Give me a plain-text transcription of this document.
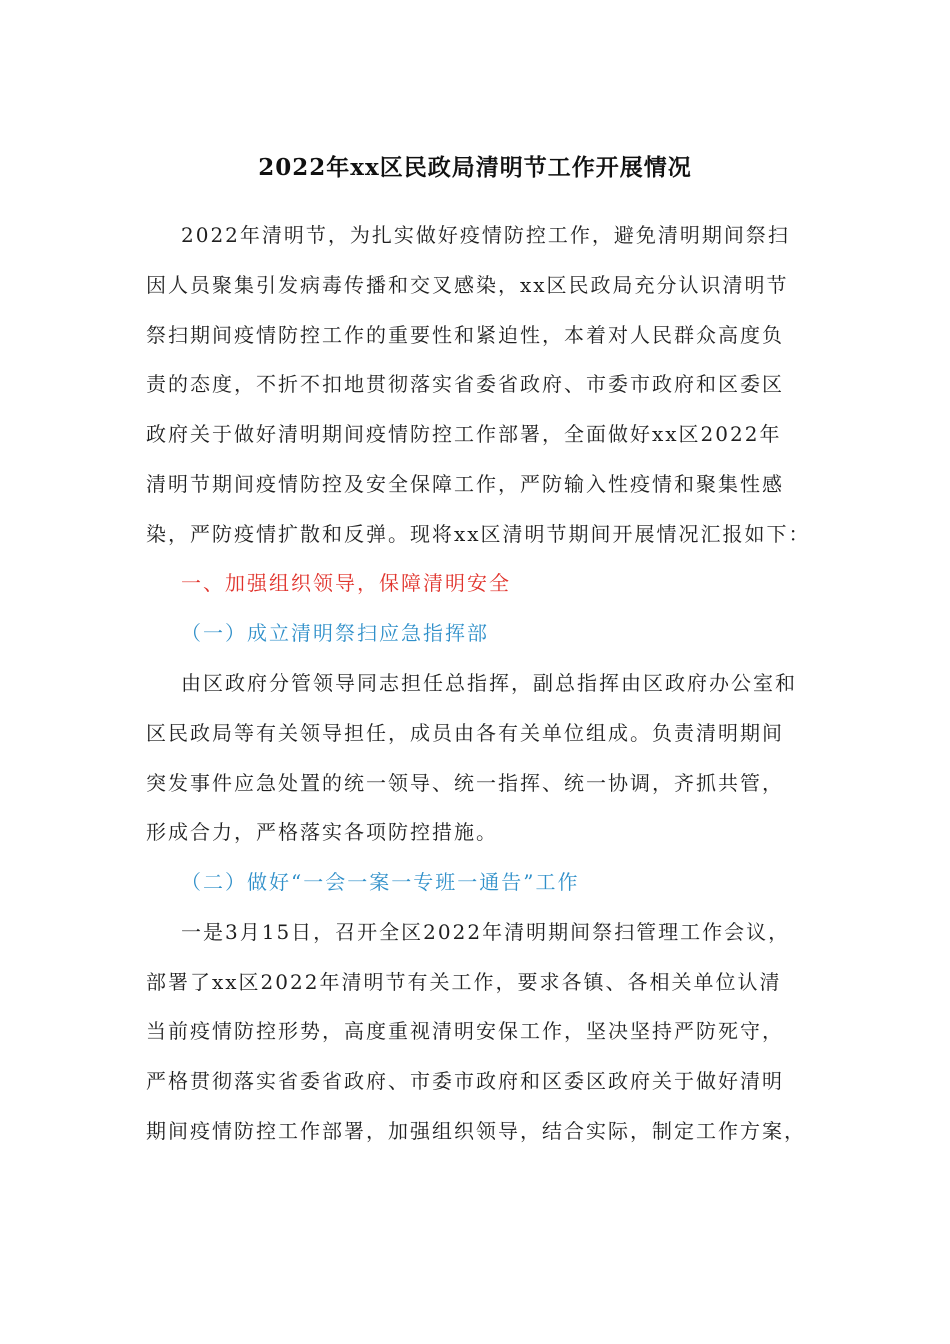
2022年xx区民政局清明节工作开展情况
2022年清明节，为扎实做好疫情防控工作，避免清明期间祭扫
因人员聚集引发病毒传播和交叉感染，xx区民政局充分认识清明节
祭扫期间疫情防控工作的重要性和紧迫性，本着对人民群众高度负
责的态度，不折不扣地贯彻落实省委省政府、市委市政府和区委区
政府关于做好清明期间疫情防控工作部署，全面做好xx区2022年
清明节期间疫情防控及安全保障工作，严防输入性疫情和聚集性感
染，严防疫情扩散和反弹。现将xx区清明节期间开展情况汇报如下：
一、加强组织领导，保障清明安全
（一）成立清明祭扫应急指挥部
由区政府分管领导同志担任总指挥，副总指挥由区政府办公室和
区民政局等有关领导担任，成员由各有关单位组成。负责清明期间
突发事件应急处置的统一领导、统一指挥、统一协调，齐抓共管，
形成合力，严格落实各项防控措施。
（二）做好“一会一案一专班一通告”工作
一是3月15日，召开全区2022年清明期间祭扫管理工作会议，
部署了xx区2022年清明节有关工作，要求各镇、各相关单位认清
当前疫情防控形势，高度重视清明安保工作，坚决坚持严防死守，
严格贯彻落实省委省政府、市委市政府和区委区政府关于做好清明
期间疫情防控工作部署，加强组织领导，结合实际，制定工作方案，
